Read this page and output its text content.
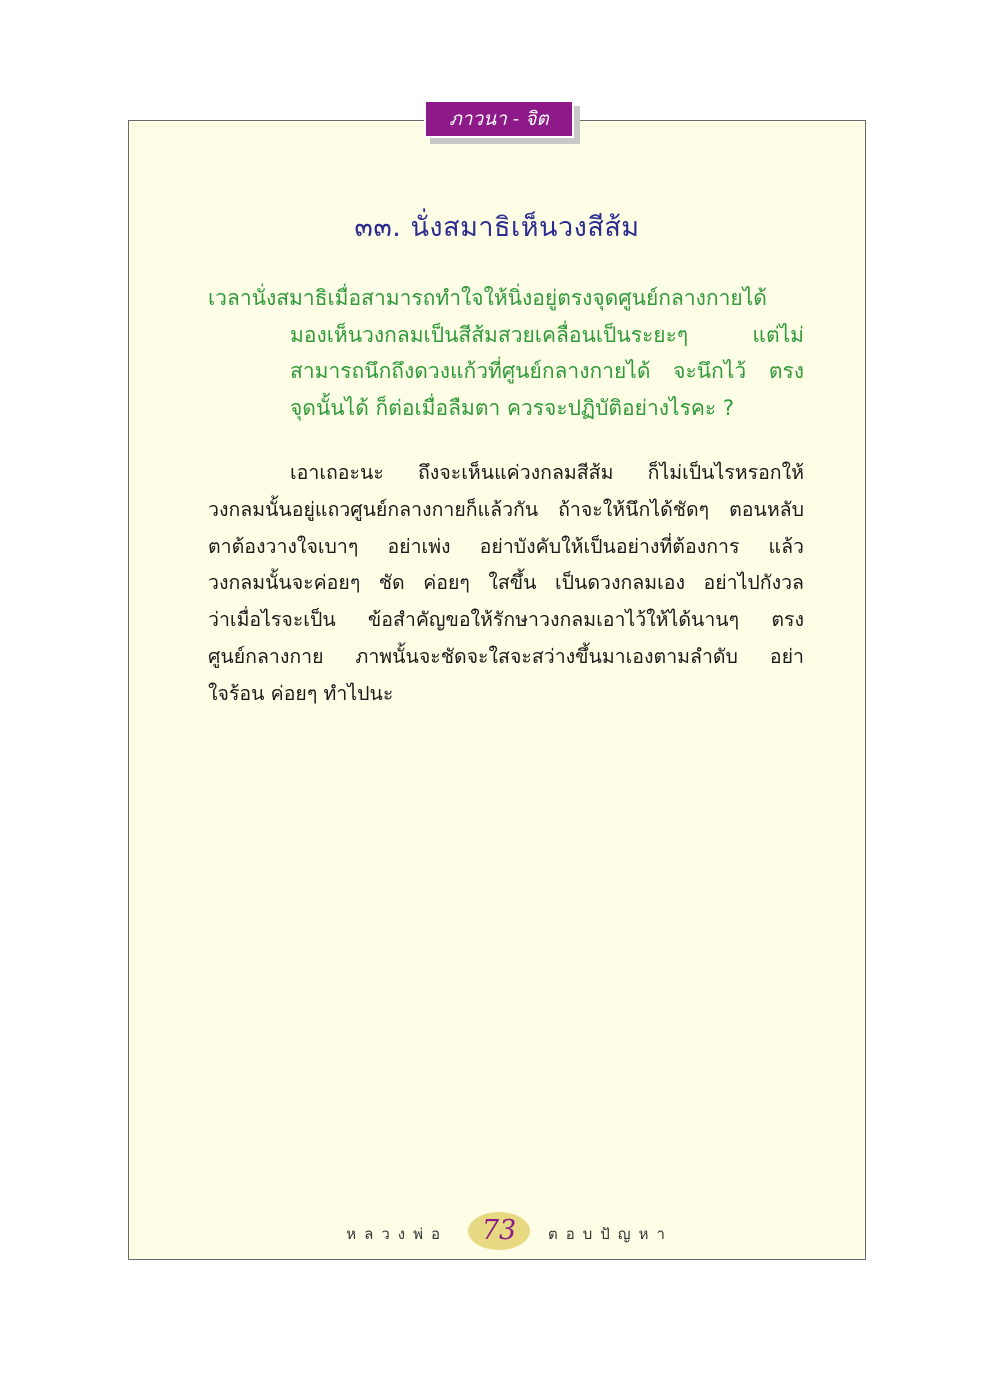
ภาวนา - จิต
๓๓. นั่งสมาธิเห็นวงสีส้ม
เวลานั่งสมาธิเมื่อสามารถทำใจให้นิ่งอยู่ตรงจุดศูนย์กลางกายได้
มองเห็นวงกลมเป็นสีส้มสวยเคลื่อนเป็นระยะๆ แต่ไม่
สามารถนึกถึงดวงแก้วที่ศูนย์กลางกายได้ จะนึกไว้ ตรง
จุดนั้นได้ ก็ต่อเมื่อลืมตา ควรจะปฏิบัติอย่างไรคะ ?
เอาเถอะนะ ถึงจะเห็นแค่วงกลมสีส้ม ก็ไม่เป็นไรหรอกให้
วงกลมนั้นอยู่แถวศูนย์กลางกายก็แล้วกัน ถ้าจะให้นึกได้ชัดๆ ตอนหลับ
ตาต้องวางใจเบาๆ อย่าเพ่ง อย่าบังคับให้เป็นอย่างที่ต้องการ แล้ว
วงกลมนั้นจะค่อยๆ ชัด ค่อยๆ ใสขึ้น เป็นดวงกลมเอง อย่าไปกังวล
ว่าเมื่อไรจะเป็น ข้อสำคัญขอให้รักษาวงกลมเอาไว้ให้ได้นานๆ ตรง
ศูนย์กลางกาย ภาพนั้นจะชัดจะใสจะสว่างขึ้นมาเองตามลำดับ อย่า
ใจร้อน ค่อยๆ ทำไปนะ
หลวงพ่อ	73	ตอบปัญหา
